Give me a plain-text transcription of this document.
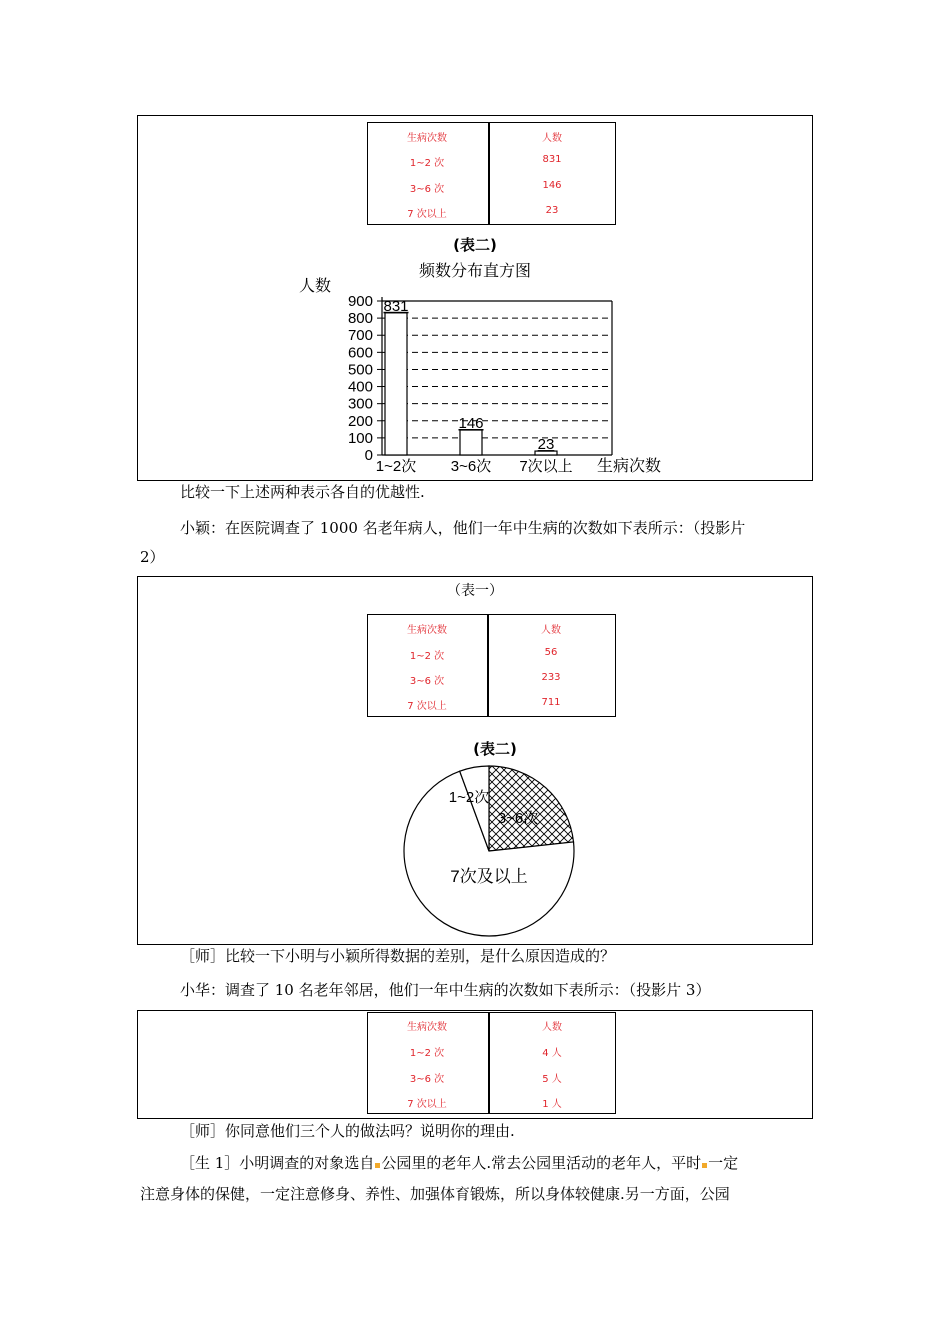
生病次数	人数
1~2 次	831
3~6 次	146
7 次以上	23
(表二)
频数分布直方图
人数
生病次数
0
100
200
300
400
500
600
700
800
900 831
146
23
1~2次 3~6次 7次以上
比较一下上述两种表示各自的优越性.
小颖：在医院调查了 1000 名老年病人，他们一年中生病的次数如下表所示：（投影片
2）
（表一）
生病次数	人数
1~2 次	56
3~6 次	233
7 次以上	711
(表二)
1~2次
3~6次
7次及以上
［师］比较一下小明与小颖所得数据的差别，是什么原因造成的？
小华：调查了 10 名老年邻居，他们一年中生病的次数如下表所示：（投影片 3）
生病次数	人数
1~2 次	4 人
3~6 次	5 人
7 次以上	1 人
［师］你同意他们三个人的做法吗？说明你的理由.
［生 1］小明调查的对象选自 公园里的老年人.常去公园里活动的老年人，平时 一定
注意身体的保健，一定注意修身、养性、加强体育锻炼，所以身体较健康.另一方面，公园
